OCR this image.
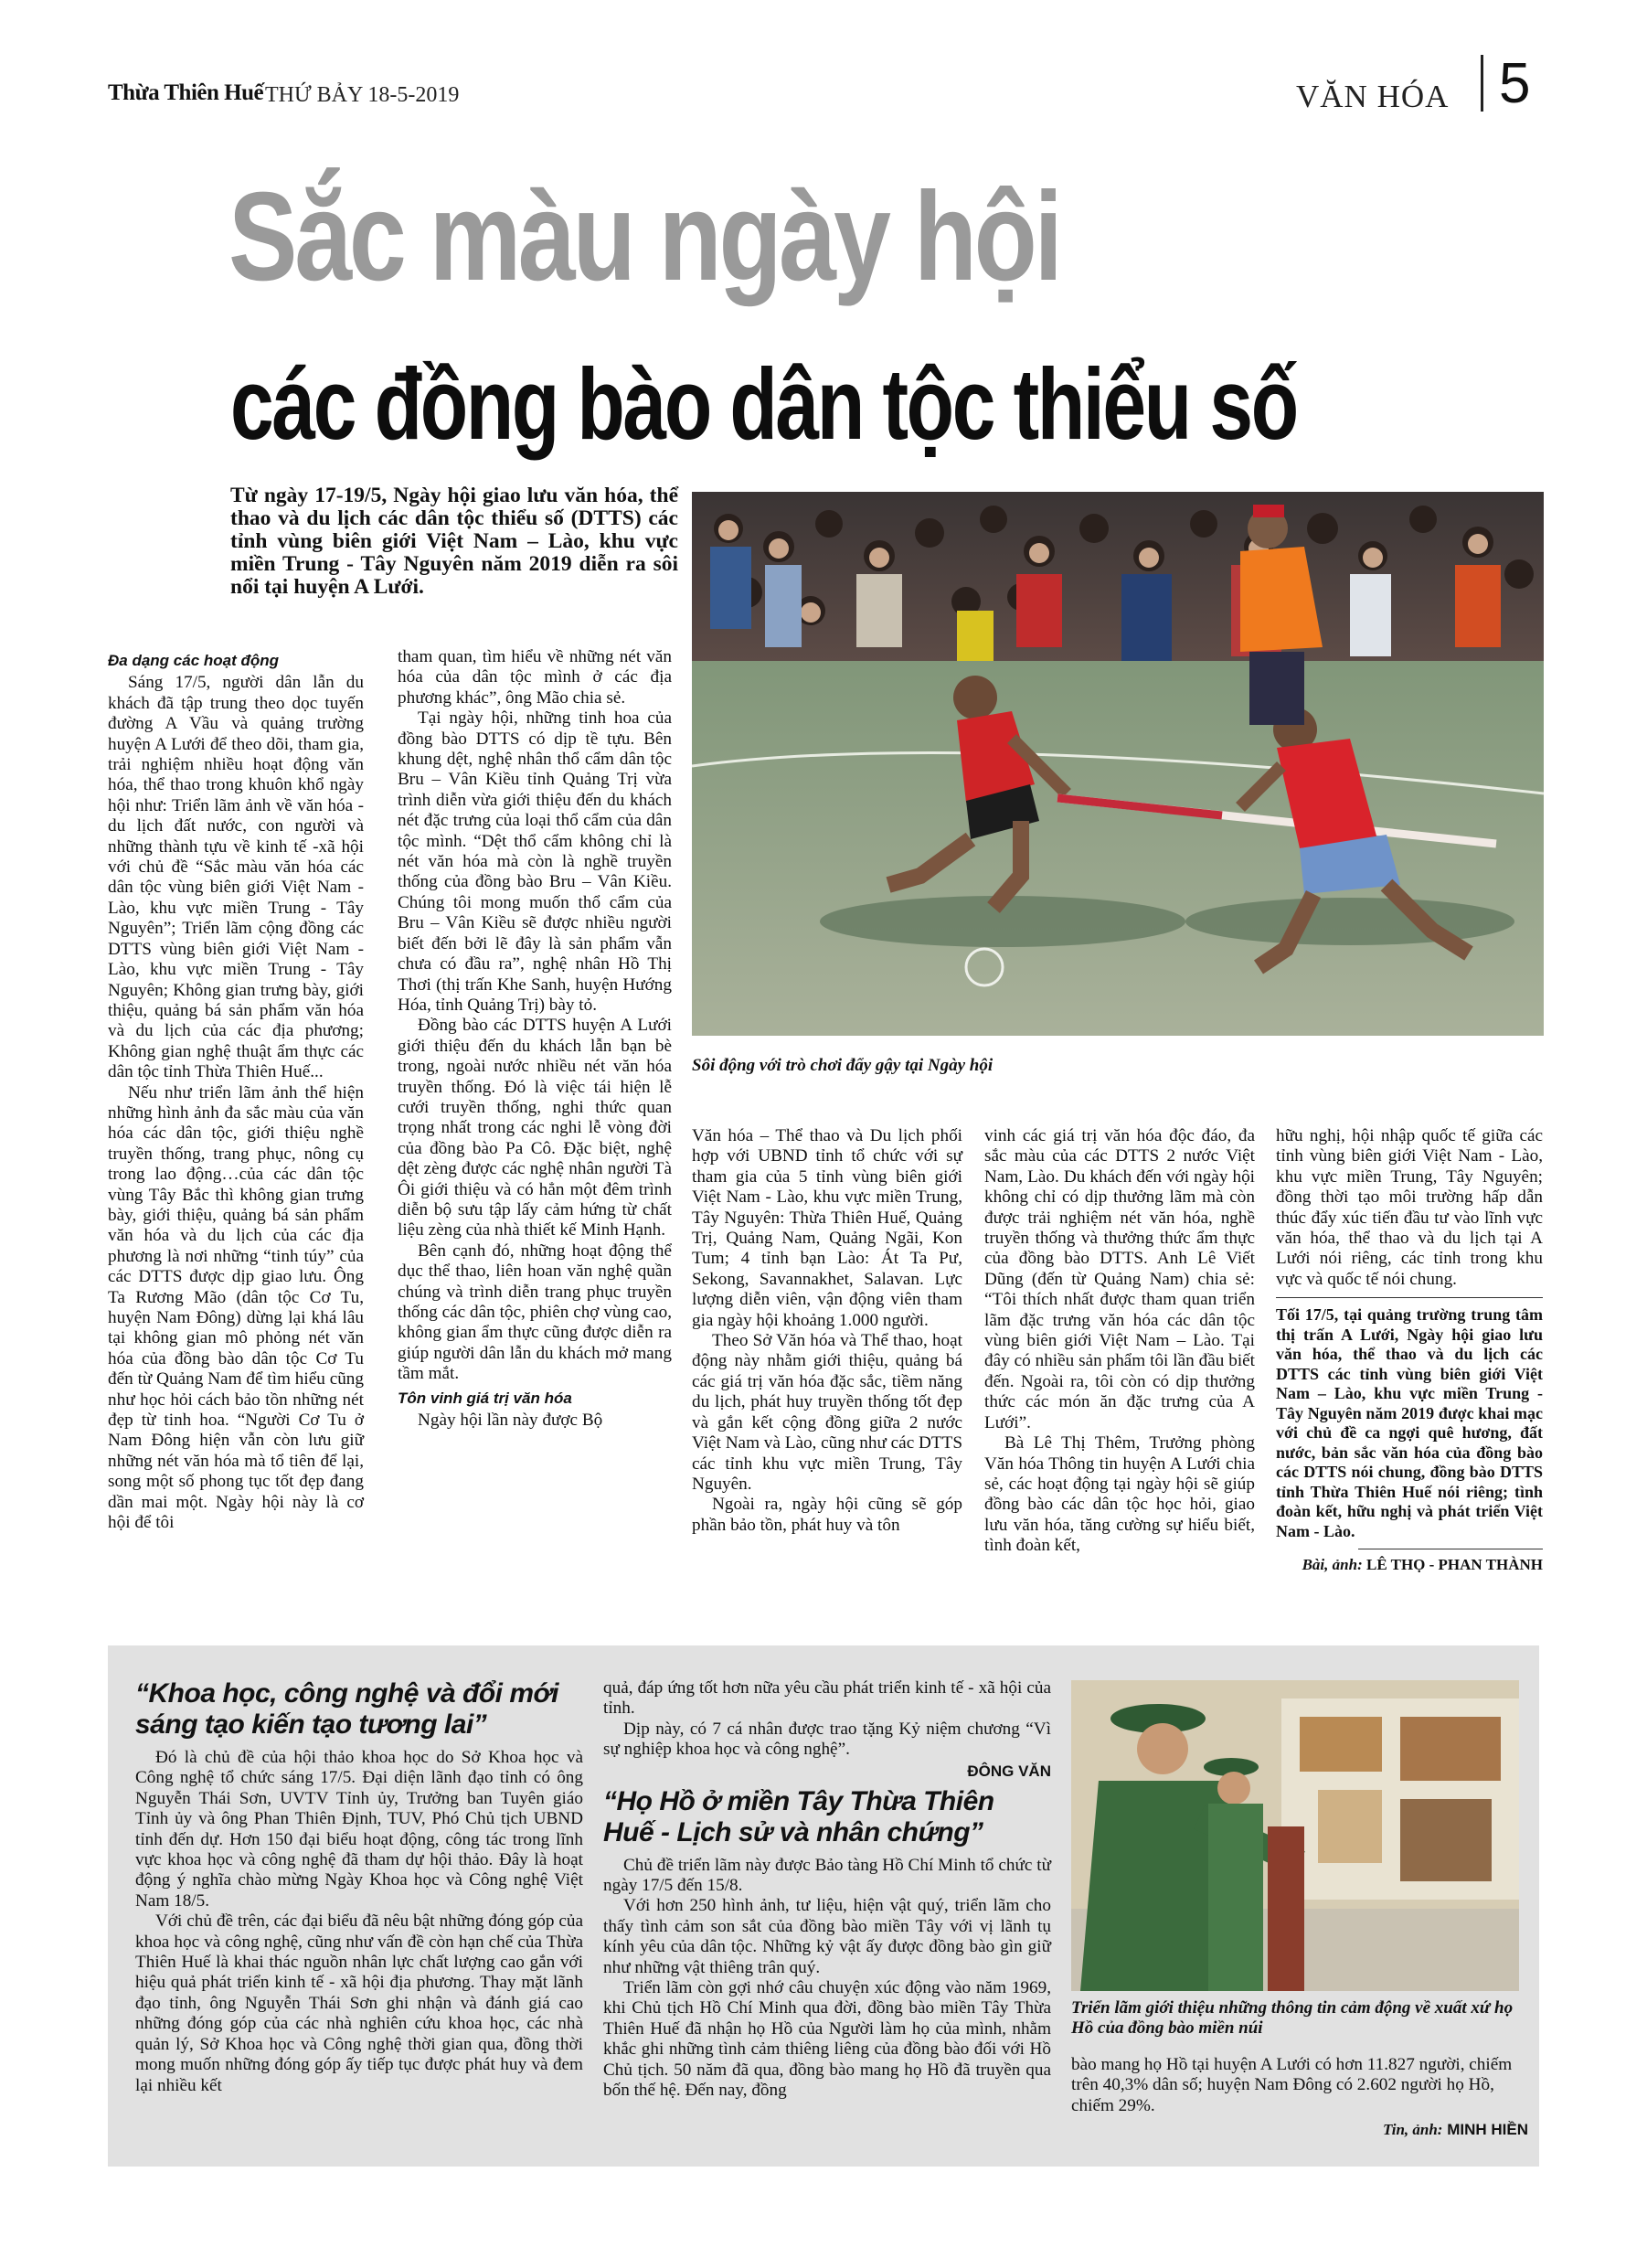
Thừa Thiên Huế THỨ BẢY 18-5-2019	VĂN HÓA 5
Sắc màu ngày hội
các đồng bào dân tộc thiểu số
Từ ngày 17-19/5, Ngày hội giao lưu văn hóa, thể thao và du lịch các dân tộc thiểu số (DTTS) các tỉnh vùng biên giới Việt Nam – Lào, khu vực miền Trung - Tây Nguyên năm 2019 diễn ra sôi nổi tại huyện A Lưới.
Sôi động với trò chơi đẩy gậy tại Ngày hội

Đa dạng các hoạt động

Sáng 17/5, người dân lẫn du khách đã tập trung theo dọc tuyến đường A Vầu và quảng trường huyện A Lưới để theo dõi, tham gia, trải nghiệm nhiều hoạt động văn hóa, thể thao trong khuôn khổ ngày hội như: Triển lãm ảnh về văn hóa - du lịch đất nước, con người và những thành tựu về kinh tế -xã hội với chủ đề “Sắc màu văn hóa các dân tộc vùng biên giới Việt Nam - Lào, khu vực miền Trung - Tây Nguyên”; Triển lãm cộng đồng các DTTS vùng biên giới Việt Nam - Lào, khu vực miền Trung - Tây Nguyên; Không gian trưng bày, giới thiệu, quảng bá sản phẩm văn hóa và du lịch của các địa phương; Không gian nghệ thuật ẩm thực các dân tộc tỉnh Thừa Thiên Huế...

Nếu như triển lãm ảnh thể hiện những hình ảnh đa sắc màu của văn hóa các dân tộc, giới thiệu nghề truyền thống, trang phục, nông cụ trong lao động…của các dân tộc vùng Tây Bắc thì không gian trưng bày, giới thiệu, quảng bá sản phẩm văn hóa và du lịch của các địa phương là nơi những “tinh túy” của các DTTS được dịp giao lưu. Ông Ta Rương Mão (dân tộc Cơ Tu, huyện Nam Đông) dừng lại khá lâu tại không gian mô phỏng nét văn hóa của đồng bào dân tộc Cơ Tu đến từ Quảng Nam để tìm hiểu cũng như học hỏi cách bảo tồn những nét đẹp từ tinh hoa. “Người Cơ Tu ở Nam Đông hiện vẫn còn lưu giữ những nét văn hóa mà tổ tiên để lại, song một số phong tục tốt đẹp đang dần mai một. Ngày hội này là cơ hội để tôi

tham quan, tìm hiểu về những nét văn hóa của dân tộc mình ở các địa phương khác”, ông Mão chia sẻ.

Tại ngày hội, những tinh hoa của đồng bào DTTS có dịp tề tựu. Bên khung dệt, nghệ nhân thổ cẩm dân tộc Bru – Vân Kiều tỉnh Quảng Trị vừa trình diễn vừa giới thiệu đến du khách nét đặc trưng của loại thổ cẩm của dân tộc mình. “Dệt thổ cẩm không chỉ là nét văn hóa mà còn là nghề truyền thống của đồng bào Bru – Vân Kiều. Chúng tôi mong muốn thổ cẩm của Bru – Vân Kiều sẽ được nhiều người biết đến bởi lẽ đây là sản phẩm vẫn chưa có đầu ra”, nghệ nhân Hồ Thị Thơi (thị trấn Khe Sanh, huyện Hướng Hóa, tỉnh Quảng Trị) bày tỏ.

Đồng bào các DTTS huyện A Lưới giới thiệu đến du khách lẫn bạn bè trong, ngoài nước nhiều nét văn hóa truyền thống. Đó là việc tái hiện lễ cưới truyền thống, nghi thức quan trọng nhất trong các nghi lễ vòng đời của đồng bào Pa Cô. Đặc biệt, nghệ dệt zèng được các nghệ nhân người Tà Ôi giới thiệu và có hẳn một đêm trình diễn bộ sưu tập lấy cảm hứng từ chất liệu zèng của nhà thiết kế Minh Hạnh.

Bên cạnh đó, những hoạt động thể dục thể thao, liên hoan văn nghệ quần chúng và trình diễn trang phục truyền thống các dân tộc, phiên chợ vùng cao, không gian ẩm thực cũng được diễn ra giúp người dân lẫn du khách mở mang tầm mắt.

Tôn vinh giá trị văn hóa

Ngày hội lần này được Bộ

Văn hóa – Thể thao và Du lịch phối hợp với UBND tỉnh tổ chức với sự tham gia của 5 tỉnh vùng biên giới Việt Nam - Lào, khu vực miền Trung, Tây Nguyên: Thừa Thiên Huế, Quảng Trị, Quảng Nam, Quảng Ngãi, Kon Tum; 4 tỉnh bạn Lào: Át Ta Pư, Sekong, Savannakhet, Salavan. Lực lượng diễn viên, vận động viên tham gia ngày hội khoảng 1.000 người.

Theo Sở Văn hóa và Thể thao, hoạt động này nhằm giới thiệu, quảng bá các giá trị văn hóa đặc sắc, tiềm năng du lịch, phát huy truyền thống tốt đẹp và gắn kết cộng đồng giữa 2 nước Việt Nam và Lào, cũng như các DTTS các tỉnh khu vực miền Trung, Tây Nguyên.

Ngoài ra, ngày hội cũng sẽ góp phần bảo tồn, phát huy và tôn

vinh các giá trị văn hóa độc đáo, đa sắc màu của các DTTS 2 nước Việt Nam, Lào. Du khách đến với ngày hội không chỉ có dịp thưởng lãm mà còn được trải nghiệm nét văn hóa, nghề truyền thống và thưởng thức ẩm thực của đồng bào DTTS. Anh Lê Viết Dũng (đến từ Quảng Nam) chia sẻ: “Tôi thích nhất được tham quan triển lãm đặc trưng văn hóa các dân tộc vùng biên giới Việt Nam – Lào. Tại đây có nhiều sản phẩm tôi lần đầu biết đến. Ngoài ra, tôi còn có dịp thưởng thức các món ăn đặc trưng của A Lưới”.

Bà Lê Thị Thêm, Trưởng phòng Văn hóa Thông tin huyện A Lưới chia sẻ, các hoạt động tại ngày hội sẽ giúp đồng bào các dân tộc học hỏi, giao lưu văn hóa, tăng cường sự hiểu biết, tình đoàn kết,

hữu nghị, hội nhập quốc tế giữa các tỉnh vùng biên giới Việt Nam - Lào, khu vực miền Trung, Tây Nguyên; đồng thời tạo môi trường hấp dẫn thúc đẩy xúc tiến đầu tư vào lĩnh vực văn hóa, thể thao và du lịch tại A Lưới nói riêng, các tỉnh trong khu vực và quốc tế nói chung.

Tối 17/5, tại quảng trường trung tâm thị trấn A Lưới, Ngày hội giao lưu văn hóa, thể thao và du lịch các DTTS các tỉnh vùng biên giới Việt Nam – Lào, khu vực miền Trung - Tây Nguyên năm 2019 được khai mạc với chủ đề ca ngợi quê hương, đất nước, bản sắc văn hóa của đồng bào các DTTS nói chung, đồng bào DTTS tỉnh Thừa Thiên Huế nói riêng; tình đoàn kết, hữu nghị và phát triển Việt Nam - Lào.
Bài, ảnh: LÊ THỌ - PHAN THÀNH
“Khoa học, công nghệ và đổi mới sáng tạo kiến tạo tương lai”

Đó là chủ đề của hội thảo khoa học do Sở Khoa học và Công nghệ tổ chức sáng 17/5. Đại diện lãnh đạo tỉnh có ông Nguyễn Thái Sơn, UVTV Tỉnh ủy, Trưởng ban Tuyên giáo Tỉnh ủy và ông Phan Thiên Định, TUV, Phó Chủ tịch UBND tỉnh đến dự. Hơn 150 đại biểu hoạt động, công tác trong lĩnh vực khoa học và công nghệ đã tham dự hội thảo. Đây là hoạt động ý nghĩa chào mừng Ngày Khoa học và Công nghệ Việt Nam 18/5.

Với chủ đề trên, các đại biểu đã nêu bật những đóng góp của khoa học và công nghệ, cũng như vấn đề còn hạn chế của Thừa Thiên Huế là khai thác nguồn nhân lực chất lượng cao gắn với hiệu quả phát triển kinh tế - xã hội địa phương. Thay mặt lãnh đạo tỉnh, ông Nguyễn Thái Sơn ghi nhận và đánh giá cao những đóng góp của các nhà nghiên cứu khoa học, các nhà quản lý, Sở Khoa học và Công nghệ thời gian qua, đồng thời mong muốn những đóng góp ấy tiếp tục được phát huy và đem lại nhiều kết

quả, đáp ứng tốt hơn nữa yêu cầu phát triển kinh tế - xã hội của tỉnh.

Dịp này, có 7 cá nhân được trao tặng Kỷ niệm chương “Vì sự nghiệp khoa học và công nghệ”.

ĐÔNG VĂN
“Họ Hồ ở miền Tây Thừa Thiên Huế - Lịch sử và nhân chứng”

Chủ đề triển lãm này được Bảo tàng Hồ Chí Minh tổ chức từ ngày 17/5 đến 15/8.

Với hơn 250 hình ảnh, tư liệu, hiện vật quý, triển lãm cho thấy tình cảm son sắt của đồng bào miền Tây với vị lãnh tụ kính yêu của dân tộc. Những kỷ vật ấy được đồng bào gìn giữ như những vật thiêng trân quý.

Triển lãm còn gợi nhớ câu chuyện xúc động vào năm 1969, khi Chủ tịch Hồ Chí Minh qua đời, đồng bào miền Tây Thừa Thiên Huế đã nhận họ Hồ của Người làm họ của mình, nhằm khắc ghi những tình cảm thiêng liêng của đồng bào đối với Hồ Chủ tịch. 50 năm đã qua, đồng bào mang họ Hồ đã truyền qua bốn thế hệ. Đến nay, đồng

Triển lãm giới thiệu những thông tin cảm động về xuất xứ họ Hồ của đồng bào miền núi
bào mang họ Hồ tại huyện A Lưới có hơn 11.827 người, chiếm trên 40,3% dân số; huyện Nam Đông có 2.602 người họ Hồ, chiếm 29%.
Tin, ảnh: MINH HIỀN
